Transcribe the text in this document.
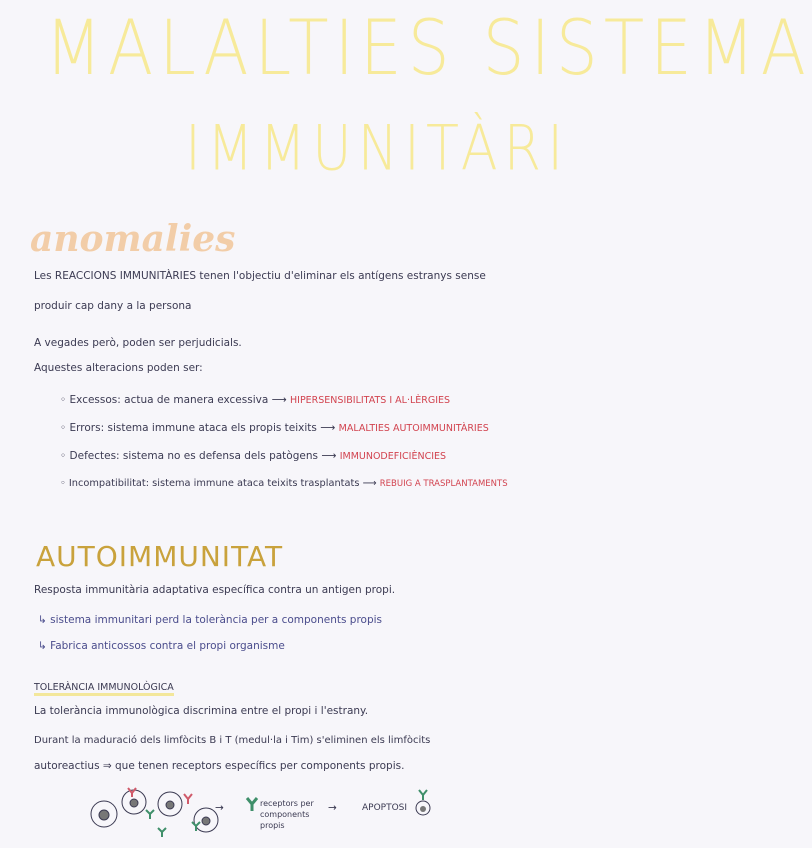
MALALTIES SISTEMA
IMMUNITÀRI
anomalies
Les REACCIONS IMMUNITÀRIES tenen l'objectiu d'eliminar els antígens estranys sense
produir cap dany a la persona
A vegades però, poden ser perjudicials.
Aquestes alteracions poden ser:
◦ Excessos: actua de manera excessiva ⟶ HIPERSENSIBILITATS I AL·LÈRGIES
◦ Errors: sistema immune ataca els propis teixits ⟶ MALALTIES AUTOIMMUNITÀRIES
◦ Defectes: sistema no es defensa dels patògens ⟶ IMMUNODEFICIÈNCIES
◦ Incompatibilitat: sistema immune ataca teixits trasplantats ⟶ REBUIG A TRASPLANTAMENTS
AUTOIMMUNITAT
Resposta immunitària adaptativa específica contra un antigen propi.
↳ sistema immunitari perd la tolerància per a components propis
↳ Fabrica anticossos contra el propi organisme
TOLERÀNCIA IMMUNOLÒGICA
La tolerància immunològica discrimina entre el propi i l'estrany.
Durant la maduració dels limfòcits B i T (medul·la i Tim) s'eliminen els limfòcits
autoreactius ⇒ que tenen receptors específics per components propis.
→	receptors per components propis
→	APOPTOSI
